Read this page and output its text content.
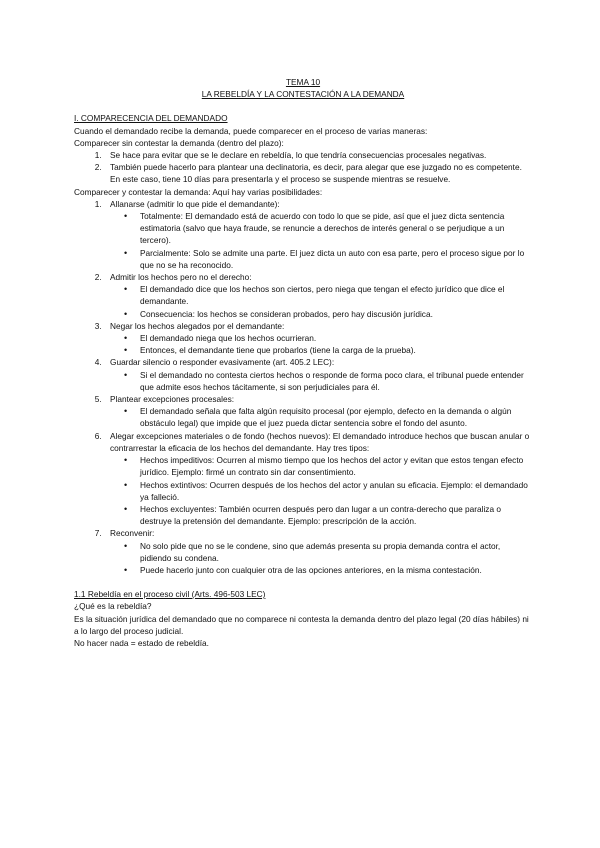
TEMA 10
LA REBELDÍA Y LA CONTESTACIÓN A LA DEMANDA
I. COMPARECENCIA DEL DEMANDADO
Cuando el demandado recibe la demanda, puede comparecer en el proceso de varias maneras:
Comparecer sin contestar la demanda (dentro del plazo):
1. Se hace para evitar que se le declare en rebeldía, lo que tendría consecuencias procesales negativas.
2. También puede hacerlo para plantear una declinatoria, es decir, para alegar que ese juzgado no es competente. En este caso, tiene 10 días para presentarla y el proceso se suspende mientras se resuelve.
Comparecer y contestar la demanda: Aquí hay varias posibilidades:
1. Allanarse (admitir lo que pide el demandante):
• Totalmente: El demandado está de acuerdo con todo lo que se pide, así que el juez dicta sentencia estimatoria (salvo que haya fraude, se renuncie a derechos de interés general o se perjudique a un tercero).
• Parcialmente: Solo se admite una parte. El juez dicta un auto con esa parte, pero el proceso sigue por lo que no se ha reconocido.
2. Admitir los hechos pero no el derecho:
• El demandado dice que los hechos son ciertos, pero niega que tengan el efecto jurídico que dice el demandante.
• Consecuencia: los hechos se consideran probados, pero hay discusión jurídica.
3. Negar los hechos alegados por el demandante:
• El demandado niega que los hechos ocurrieran.
• Entonces, el demandante tiene que probarlos (tiene la carga de la prueba).
4. Guardar silencio o responder evasivamente (art. 405.2 LEC):
• Si el demandado no contesta ciertos hechos o responde de forma poco clara, el tribunal puede entender que admite esos hechos tácitamente, si son perjudiciales para él.
5. Plantear excepciones procesales:
• El demandado señala que falta algún requisito procesal (por ejemplo, defecto en la demanda o algún obstáculo legal) que impide que el juez pueda dictar sentencia sobre el fondo del asunto.
6. Alegar excepciones materiales o de fondo (hechos nuevos): El demandado introduce hechos que buscan anular o contrarrestar la eficacia de los hechos del demandante. Hay tres tipos:
• Hechos impeditivos: Ocurren al mismo tiempo que los hechos del actor y evitan que estos tengan efecto jurídico. Ejemplo: firmé un contrato sin dar consentimiento.
• Hechos extintivos: Ocurren después de los hechos del actor y anulan su eficacia. Ejemplo: el demandado ya falleció.
• Hechos excluyentes: También ocurren después pero dan lugar a un contra-derecho que paraliza o destruye la pretensión del demandante. Ejemplo: prescripción de la acción.
7. Reconvenir:
• No solo pide que no se le condene, sino que además presenta su propia demanda contra el actor, pidiendo su condena.
• Puede hacerlo junto con cualquier otra de las opciones anteriores, en la misma contestación.
1.1 Rebeldía en el proceso civil (Arts. 496-503 LEC)
¿Qué es la rebeldía?
Es la situación jurídica del demandado que no comparece ni contesta la demanda dentro del plazo legal (20 días hábiles) ni a lo largo del proceso judicial.
No hacer nada = estado de rebeldía.
